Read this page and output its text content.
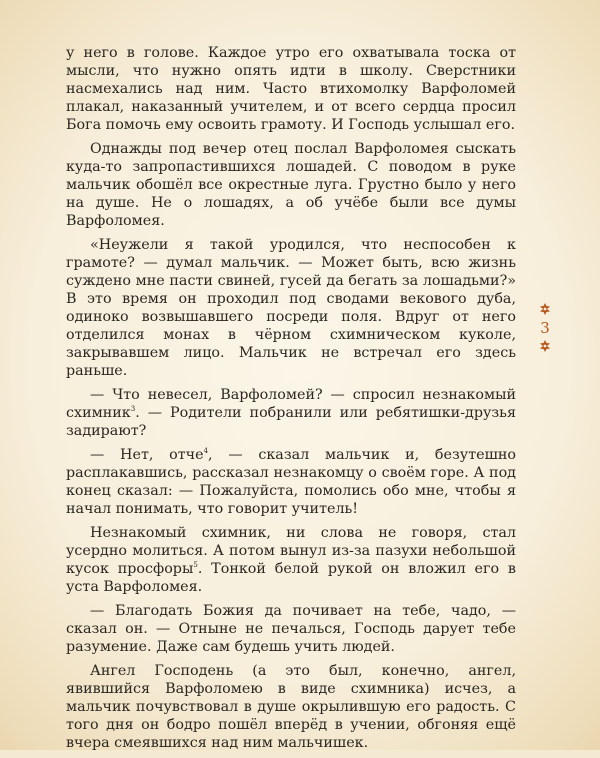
у него в голове. Каждое утро его охватывала тоска от мысли, что нужно опять идти в школу. Сверстники насмехались над ним. Часто втихомолку Варфоломей плакал, наказанный учителем, и от всего сердца просил Бога помочь ему освоить грамоту. И Господь услышал его.

Однажды под вечер отец послал Варфоломея сыскать куда-то запропастившихся лошадей. С поводом в руке мальчик обошёл все окрестные луга. Грустно было у него на душе. Не о лошадях, а об учёбе были все думы Варфоломея.

«Неужели я такой уродился, что неспособен к грамоте? — думал мальчик. — Может быть, всю жизнь суждено мне пасти свиней, гусей да бегать за лошадьми?» В это время он проходил под сводами векового дуба, одиноко возвышавшего посреди поля. Вдруг от него отделился монах в чёрном схимническом куколе, закрывавшем лицо. Мальчик не встречал его здесь раньше.

— Что невесел, Варфоломей? — спросил незнакомый схимник$^3$. — Родители побранили или ребятишки-друзья задирают?

— Нет, отче$^4$, — сказал мальчик и, безутешно расплакавшись, рассказал незнакомцу о своём горе. А под конец сказал: — Пожалуйста, помолись обо мне, чтобы я начал понимать, что говорит учитель!

Незнакомый схимник, ни слова не говоря, стал усердно молиться. А потом вынул из-за пазухи небольшой кусок просфоры$^5$. Тонкой белой рукой он вложил его в уста Варфоломея.

— Благодать Божия да почивает на тебе, чадо, — сказал он. — Отныне не печалься, Господь дарует тебе разумение. Даже сам будешь учить людей.

Ангел Господень (а это был, конечно, ангел, явившийся Варфоломею в виде схимника) исчез, а мальчик почувствовал в душе окрылившую его радость. С того дня он бодро пошёл вперёд в учении, обгоняя ещё вчера смеявшихся над ним мальчишек.

3
